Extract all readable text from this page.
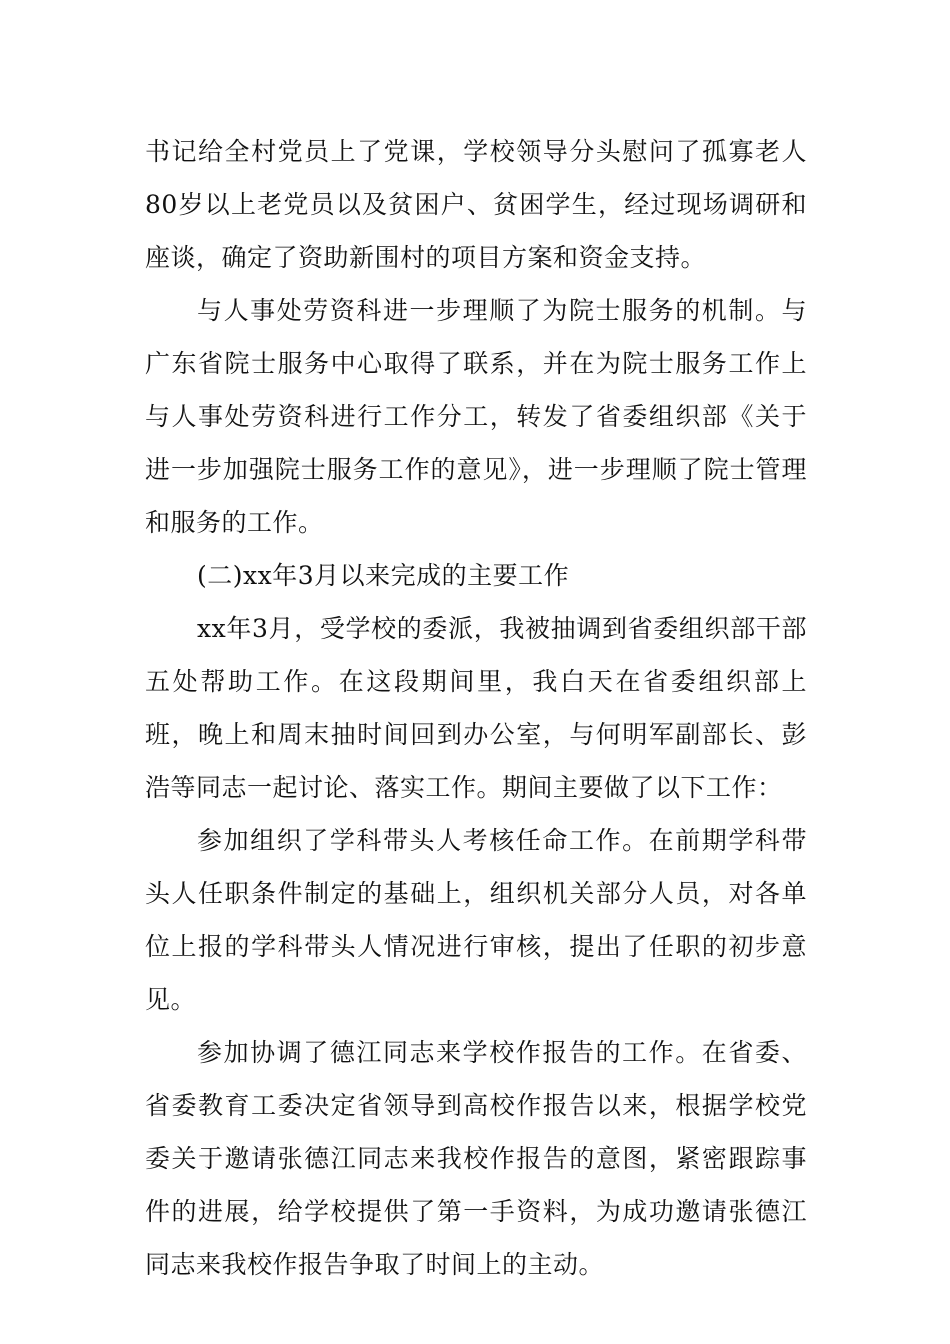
书记给全村党员上了党课，学校领导分头慰问了孤寡老人80岁以上老党员以及贫困户、贫困学生，经过现场调研和座谈，确定了资助新围村的项目方案和资金支持。

与人事处劳资科进一步理顺了为院士服务的机制。与广东省院士服务中心取得了联系，并在为院士服务工作上与人事处劳资科进行工作分工，转发了省委组织部《关于进一步加强院士服务工作的意见》，进一步理顺了院士管理和服务的工作。

(二)xx年3月以来完成的主要工作

xx年3月，受学校的委派，我被抽调到省委组织部干部五处帮助工作。在这段期间里，我白天在省委组织部上班，晚上和周末抽时间回到办公室，与何明军副部长、彭浩等同志一起讨论、落实工作。期间主要做了以下工作：

参加组织了学科带头人考核任命工作。在前期学科带头人任职条件制定的基础上，组织机关部分人员，对各单位上报的学科带头人情况进行审核，提出了任职的初步意见。

参加协调了德江同志来学校作报告的工作。在省委、省委教育工委决定省领导到高校作报告以来，根据学校党委关于邀请张德江同志来我校作报告的意图，紧密跟踪事件的进展，给学校提供了第一手资料，为成功邀请张德江同志来我校作报告争取了时间上的主动。
